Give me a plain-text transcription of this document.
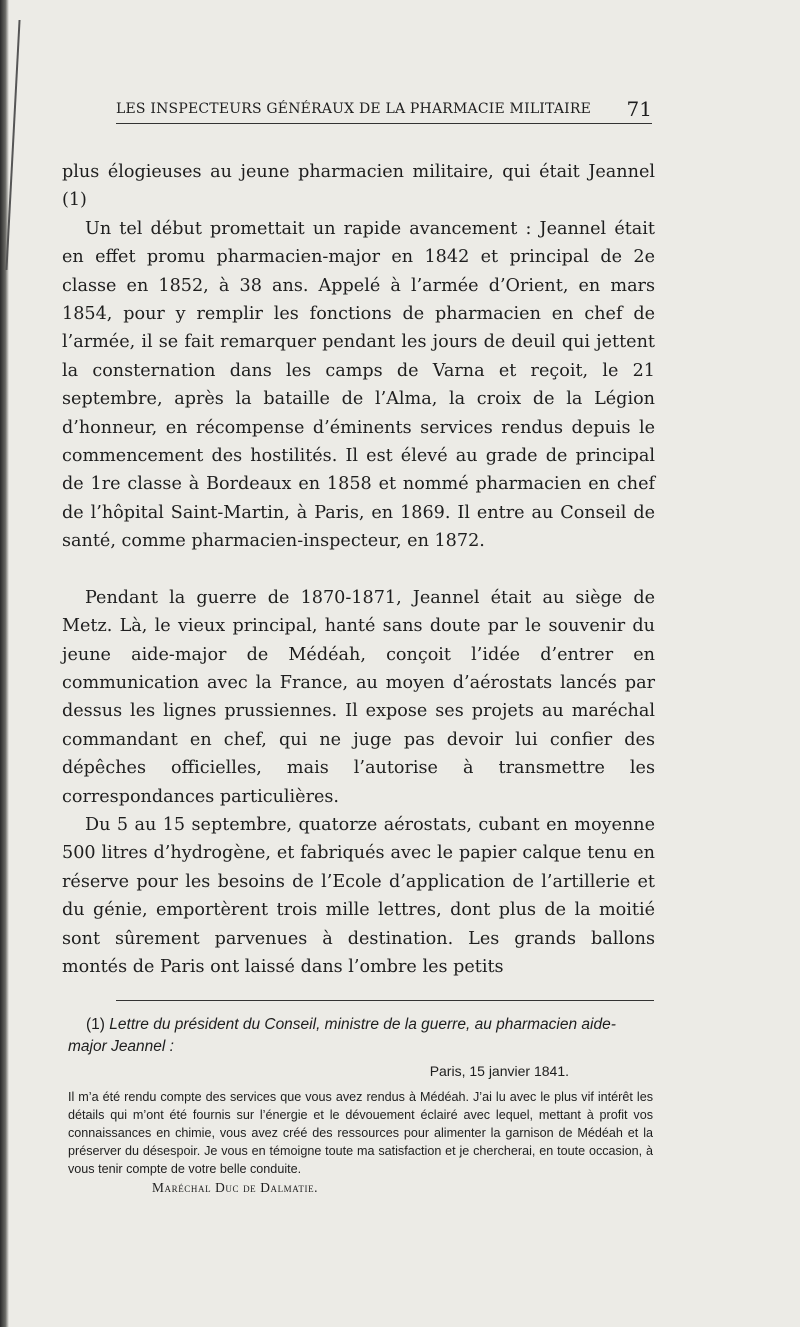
LES INSPECTEURS GÉNÉRAUX DE LA PHARMACIE MILITAIRE 71

plus élogieuses au jeune pharmacien militaire, qui était Jeannel (1)

Un tel début promettait un rapide avancement : Jeannel était en effet promu pharmacien-major en 1842 et principal de 2e classe en 1852, à 38 ans. Appelé à l’armée d’Orient, en mars 1854, pour y remplir les fonctions de pharmacien en chef de l’armée, il se fait remarquer pendant les jours de deuil qui jettent la consternation dans les camps de Varna et reçoit, le 21 septembre, après la bataille de l’Alma, la croix de la Légion d’honneur, en récompense d’éminents services rendus depuis le commencement des hostilités. Il est élevé au grade de principal de 1re classe à Bordeaux en 1858 et nommé pharmacien en chef de l’hôpital Saint-Martin, à Paris, en 1869. Il entre au Conseil de santé, comme pharmacien-inspecteur, en 1872.

Pendant la guerre de 1870-1871, Jeannel était au siège de Metz. Là, le vieux principal, hanté sans doute par le souvenir du jeune aide-major de Médéah, conçoit l’idée d’entrer en communication avec la France, au moyen d’aérostats lancés par dessus les lignes prussiennes. Il expose ses projets au maréchal commandant en chef, qui ne juge pas devoir lui confier des dépêches officielles, mais l’autorise à transmettre les correspondances particulières.

Du 5 au 15 septembre, quatorze aérostats, cubant en moyenne 500 litres d’hydrogène, et fabriqués avec le papier calque tenu en réserve pour les besoins de l’Ecole d’application de l’artillerie et du génie, emportèrent trois mille lettres, dont plus de la moitié sont sûrement parvenues à destination. Les grands ballons montés de Paris ont laissé dans l’ombre les petits

(1) Lettre du président du Conseil, ministre de la guerre, au pharmacien aide-major Jeannel :
Paris, 15 janvier 1841.
Il m’a été rendu compte des services que vous avez rendus à Médéah. J’ai lu avec le plus vif intérêt les détails qui m’ont été fournis sur l’énergie et le dévouement éclairé avec lequel, mettant à profit vos connaissances en chimie, vous avez créé des ressources pour alimenter la garnison de Médéah et la préserver du désespoir. Je vous en témoigne toute ma satisfaction et je chercherai, en toute occasion, à vous tenir compte de votre belle conduite.
Maréchal Duc de Dalmatie.
